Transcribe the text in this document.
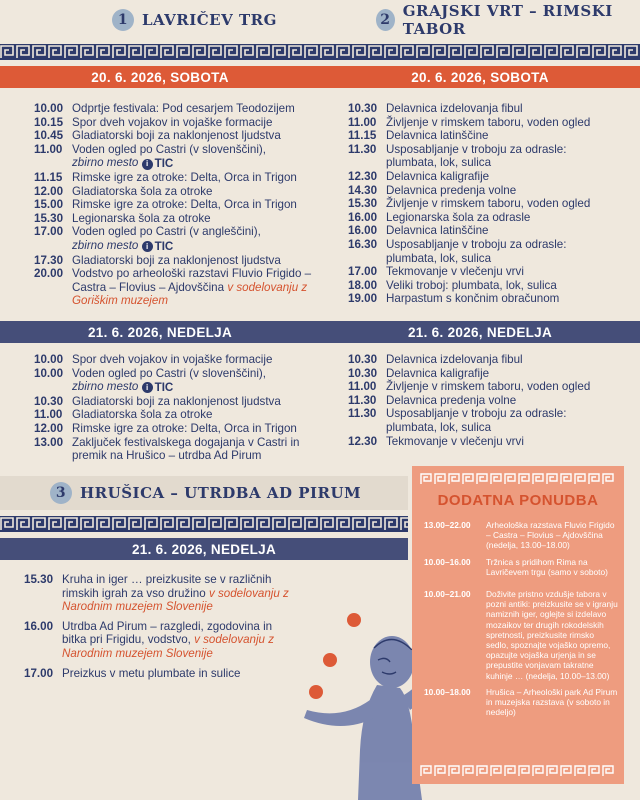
1 LAVRIČEV TRG	2 GRAJSKI VRT – RIMSKI TABOR
20. 6. 2026, SOBOTA	20. 6. 2026, SOBOTA
10.00 Odprtje festivala: Pod cesarjem Teodozijem
10.15 Spor dveh vojakov in vojaške formacije
10.45 Gladiatorski boji za naklonjenost ljudstva
11.00 Voden ogled po Castri (v slovenščini),
zbirno mesto i TIC
11.15 Rimske igre za otroke: Delta, Orca in Trigon
12.00 Gladiatorska šola za otroke
15.00 Rimske igre za otroke: Delta, Orca in Trigon
15.30 Legionarska šola za otroke
17.00 Voden ogled po Castri (v angleščini),
zbirno mesto i TIC
17.30 Gladiatorski boji za naklonjenost ljudstva
20.00 Vodstvo po arheološki razstavi Fluvio Frigido – Castra – Flovius – Ajdovščina v sodelovanju z Goriškim muzejem
10.30 Delavnica izdelovanja fibul
11.00 Življenje v rimskem taboru, voden ogled
11.15 Delavnica latinščine
11.30 Usposabljanje v troboju za odrasle: plumbata, lok, sulica
12.30 Delavnica kaligrafije
14.30 Delavnica predenja volne
15.30 Življenje v rimskem taboru, voden ogled
16.00 Legionarska šola za odrasle
16.00 Delavnica latinščine
16.30 Usposabljanje v troboju za odrasle: plumbata, lok, sulica
17.00 Tekmovanje v vlečenju vrvi
18.00 Veliki troboj: plumbata, lok, sulica
19.00 Harpastum s končnim obračunom
21. 6. 2026, NEDELJA	21. 6. 2026, NEDELJA
10.00 Spor dveh vojakov in vojaške formacije
10.00 Voden ogled po Castri (v slovenščini),
zbirno mesto i TIC
10.30 Gladiatorski boji za naklonjenost ljudstva
11.00 Gladiatorska šola za otroke
12.00 Rimske igre za otroke: Delta, Orca in Trigon
13.00 Zaključek festivalskega dogajanja v Castri in premik na Hrušico – utrdba Ad Pirum
10.30 Delavnica izdelovanja fibul
10.30 Delavnica kaligrafije
11.00 Življenje v rimskem taboru, voden ogled
11.30 Delavnica predenja volne
11.30 Usposabljanje v troboju za odrasle: plumbata, lok, sulica
12.30 Tekmovanje v vlečenju vrvi
3 HRUŠICA – UTRDBA AD PIRUM
21. 6. 2026, NEDELJA
15.30 Kruha in iger … preizkusite se v različnih rimskih igrah za vso družino v sodelovanju z Narodnim muzejem Slovenije
16.00 Utrdba Ad Pirum – razgledi, zgodovina in bitka pri Frigidu, vodstvo, v sodelovanju z Narodnim muzejem Slovenije
17.00 Preizkus v metu plumbate in sulice
DODATNA PONUDBA
13.00–22.00	Arheološka razstava Fluvio Frigido – Castra – Flovius – Ajdovščina (nedelja, 13.00–18.00)
10.00–16.00	Tržnica s pridihom Rima na Lavričevem trgu (samo v soboto)
10.00–21.00	Doživite pristno vzdušje tabora v pozni antiki: preizkusite se v igranju namiznih iger, oglejte si izdelavo mozaikov ter drugih rokodelskih spretnosti, preizkusite rimsko sedlo, spoznajte vojaško opremo, opazujte vojaška urjenja in se prepustite vonjavam takratne kuhinje … (nedelja, 10.00–13.00)
10.00–18.00	Hrušica – Arheološki park Ad Pirum in muzejska razstava (v soboto in nedeljo)
